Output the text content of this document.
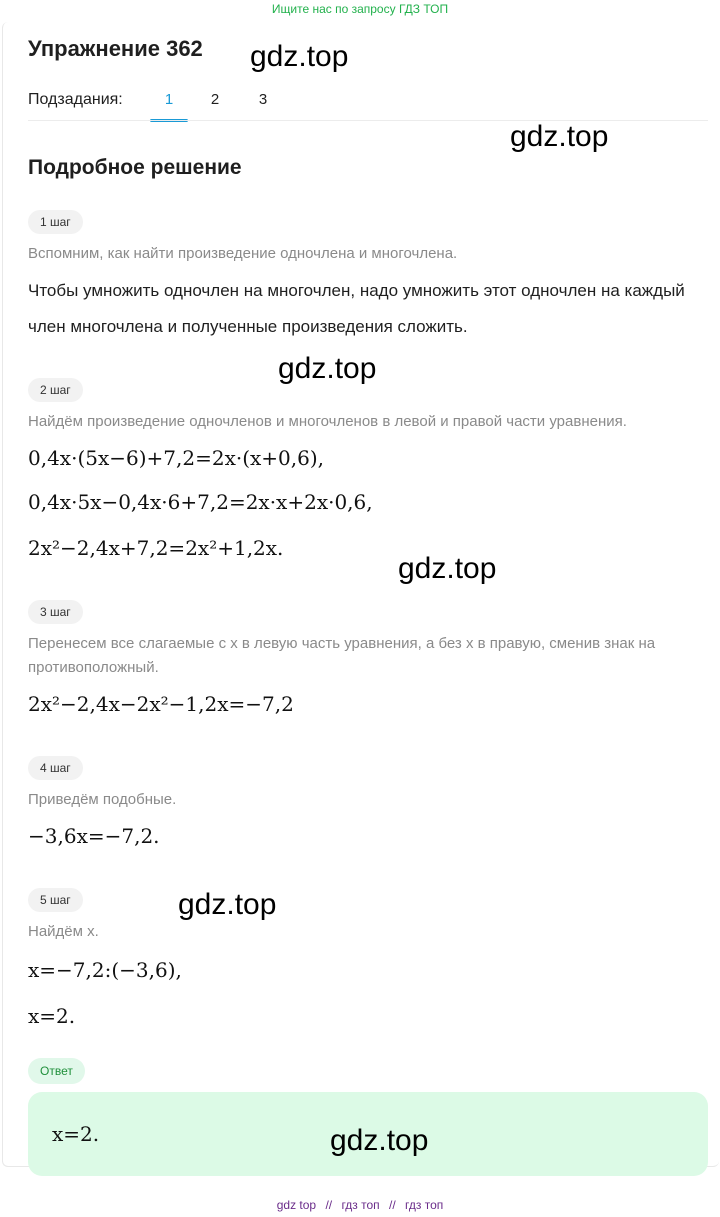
Ищите нас по запросу ГДЗ ТОП
Упражнение 362 gdz.top
Подзадания:	1	2	3
gdz.top
Подробное решение
1 шаг
Вспомним, как найти произведение одночлена и многочлена.
Чтобы умножить одночлен на многочлен, надо умножить этот одночлен на каждый член многочлена и полученные произведения сложить.
gdz.top
2 шаг
Найдём произведение одночленов и многочленов в левой и правой части уравнения.
0,4x·(5x−6)+7,2=2x·(x+0,6),
0,4x·5x−0,4x·6+7,2=2x·x+2x·0,6,
2x²−2,4x+7,2=2x²+1,2x.
gdz.top
3 шаг
Перенесем все слагаемые с x в левую часть уравнения, а без x в правую, сменив знак на противоположный.
2x²−2,4x−2x²−1,2x=−7,2
4 шаг
Приведём подобные.
−3,6x=−7,2.
5 шаг	gdz.top
Найдём x.
x=−7,2:(−3,6),
x=2.
Ответ
x=2.	gdz.top
gdz top // гдз топ // гдз топ
